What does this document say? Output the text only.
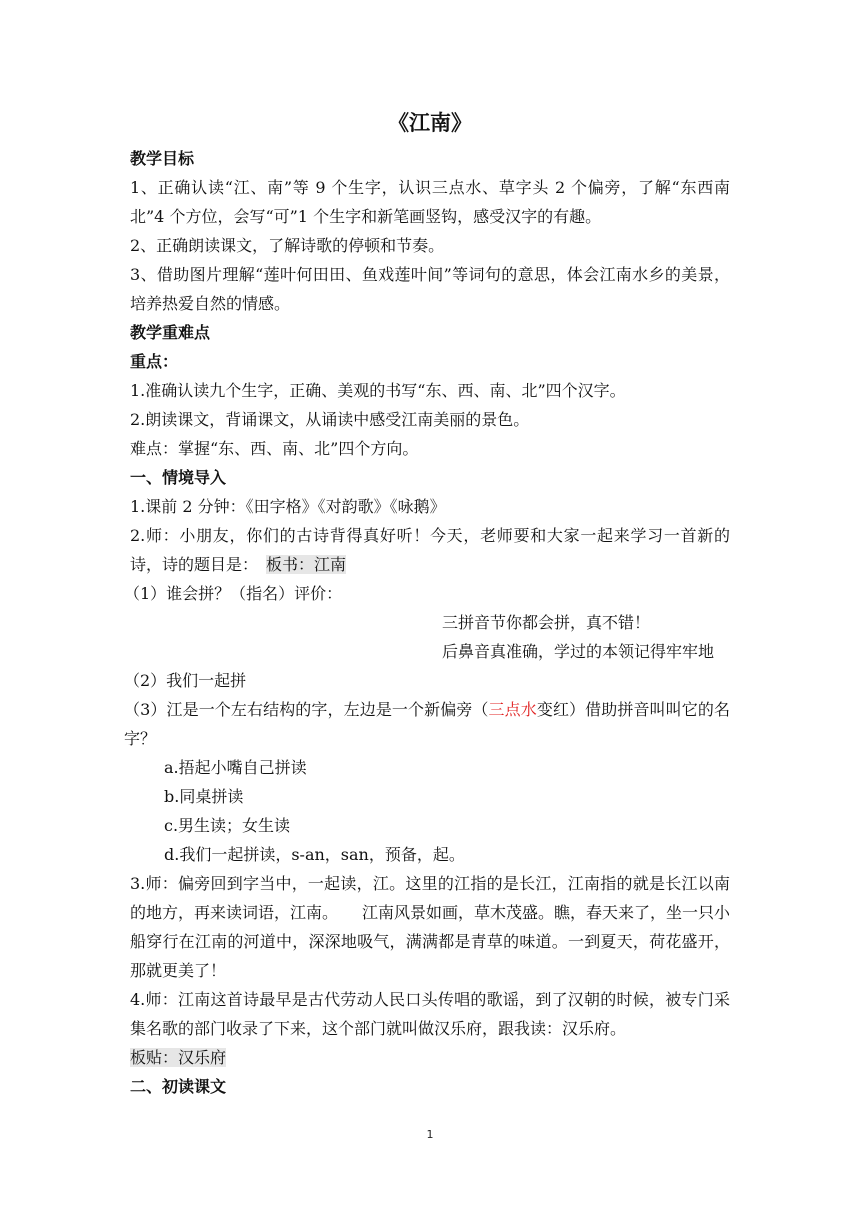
《江南》

教学目标

1、正确认读“江、南”等 9 个生字，认识三点水、草字头 2 个偏旁，了解“东西南北”4 个方位，会写“可”1 个生字和新笔画竖钩，感受汉字的有趣。

2、正确朗读课文，了解诗歌的停顿和节奏。

3、借助图片理解“莲叶何田田、鱼戏莲叶间”等词句的意思，体会江南水乡的美景，培养热爱自然的情感。

教学重难点

重点：

1.准确认读九个生字，正确、美观的书写“东、西、南、北”四个汉字。

2.朗读课文，背诵课文，从诵读中感受江南美丽的景色。

难点：掌握“东、西、南、北”四个方向。

一、情境导入

1.课前 2 分钟：《田字格》《对韵歌》《咏鹅》

2.师：小朋友，你们的古诗背得真好听！今天，老师要和大家一起来学习一首新的诗，诗的题目是：　 板书：江南

（1）谁会拼？（指名）评价：

三拼音节你都会拼，真不错！

后鼻音真准确，学过的本领记得牢牢地

（2）我们一起拼

（3）江是一个左右结构的字，左边是一个新偏旁（三点水变红）借助拼音叫叫它的名字？

a.捂起小嘴自己拼读

b.同桌拼读

c.男生读；女生读

d.我们一起拼读，s-an，san，预备，起。

3.师：偏旁回到字当中，一起读，江。这里的江指的是长江，江南指的就是长江以南的地方，再来读词语，江南。　　江南风景如画，草木茂盛。瞧，春天来了，坐一只小船穿行在江南的河道中，深深地吸气，满满都是青草的味道。一到夏天，荷花盛开，那就更美了！

4.师：江南这首诗最早是古代劳动人民口头传唱的歌谣，到了汉朝的时候，被专门采集名歌的部门收录了下来，这个部门就叫做汉乐府，跟我读：汉乐府。

板贴：汉乐府

二、初读课文

1
